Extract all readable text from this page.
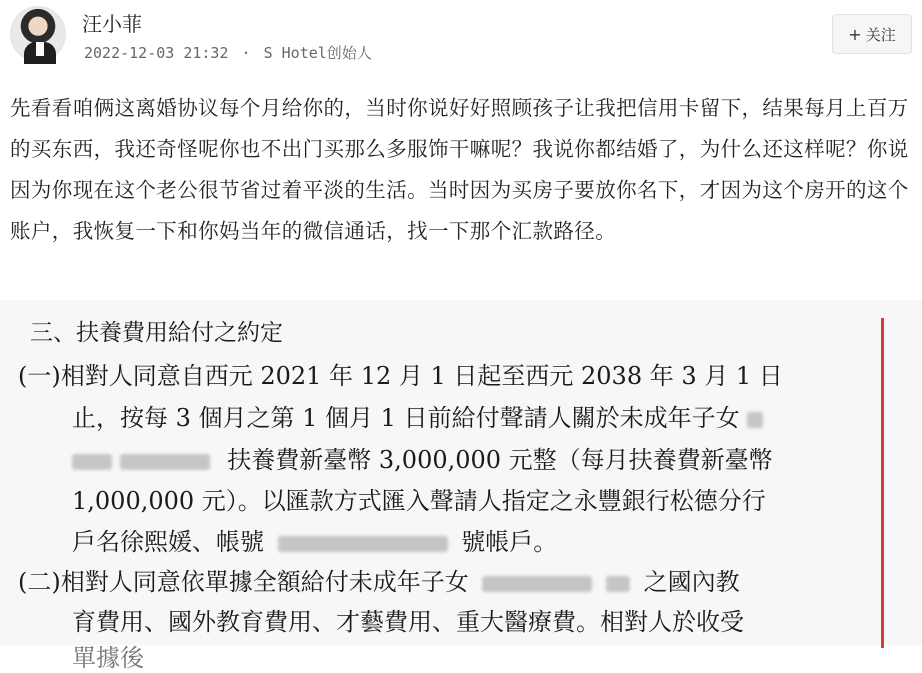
汪小菲
2022-12-03 21:32 · S Hotel创始人
+ 关注

先看看咱俩这离婚协议每个月给你的，当时你说好好照顾孩子让我把信用卡留下，结果每月上百万的买东西，我还奇怪呢你也不出门买那么多服饰干嘛呢？我说你都结婚了，为什么还这样呢？你说因为你现在这个老公很节省过着平淡的生活。当时因为买房子要放你名下，才因为这个房开的这个账户，我恢复一下和你妈当年的微信通话，找一下那个汇款路径。

三、扶養費用給付之約定
(一)相對人同意自西元 2021 年 12 月 1 日起至西元 2038 年 3 月 1 日
止，按每 3 個月之第 1 個月 1 日前給付聲請人關於未成年子女
扶養費新臺幣 3,000,000 元整（每月扶養費新臺幣
1,000,000 元）。以匯款方式匯入聲請人指定之永豐銀行松德分行
戶名徐熙媛、帳號	號帳戶。
(二)相對人同意依單據全額給付未成年子女	之國內教
育費用、國外教育費用、才藝費用、重大醫療費。相對人於收受
單據後
